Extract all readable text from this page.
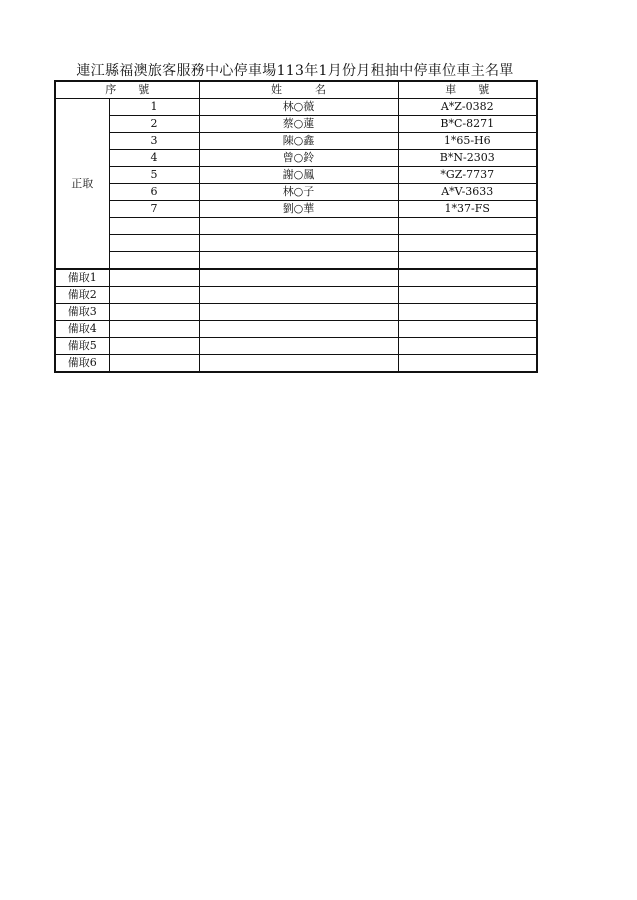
連江縣福澳旅客服務中心停車場113年1月份月租抽中停車位車主名單
序　　號		姓　　　名	車　　號
正取	1	林○薇	A*Z-0382
	2	蔡○蓮	B*C-8271
	3	陳○鑫	1*65-H6
	4	曾○鈴	B*N-2303
	5	謝○鳳	*GZ-7737
	6	林○子	A*V-3633
	7	劉○華	1*37-FS

備取1			
備取2			
備取3			
備取4			
備取5			
備取6			
